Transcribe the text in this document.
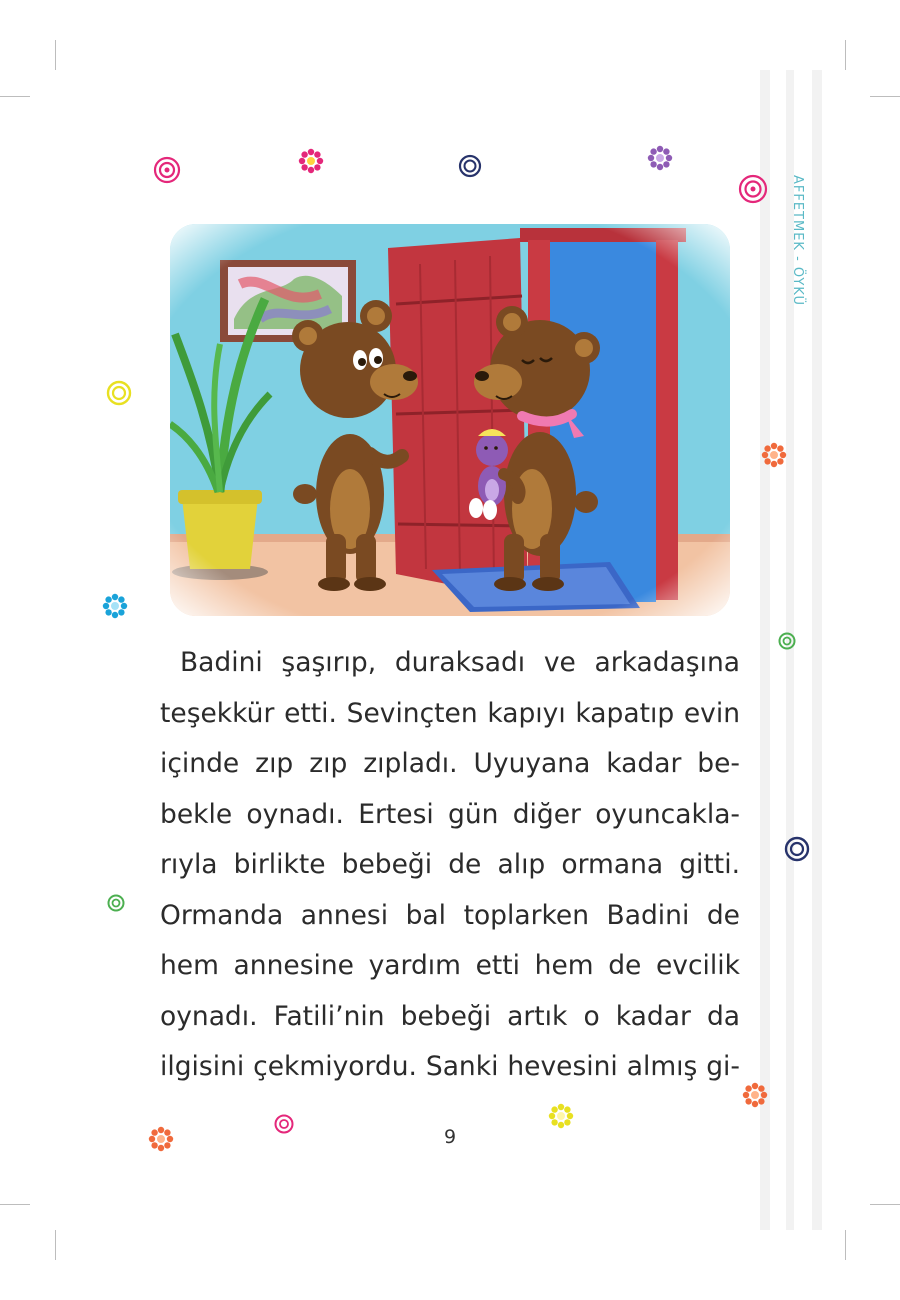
AFFETMEK - ÖYKÜ
Badini şaşırıp, duraksadı ve arkadaşına
teşekkür etti. Sevinçten kapıyı kapatıp evin
içinde zıp zıp zıpladı. Uyuyana kadar be-
bekle oynadı. Ertesi gün diğer oyuncakla-
rıyla birlikte bebeği de alıp ormana gitti.
Ormanda annesi bal toplarken Badini de
hem annesine yardım etti hem de evcilik
oynadı. Fatili’nin bebeği artık o kadar da
ilgisini çekmiyordu. Sanki hevesini almış gi-
9
